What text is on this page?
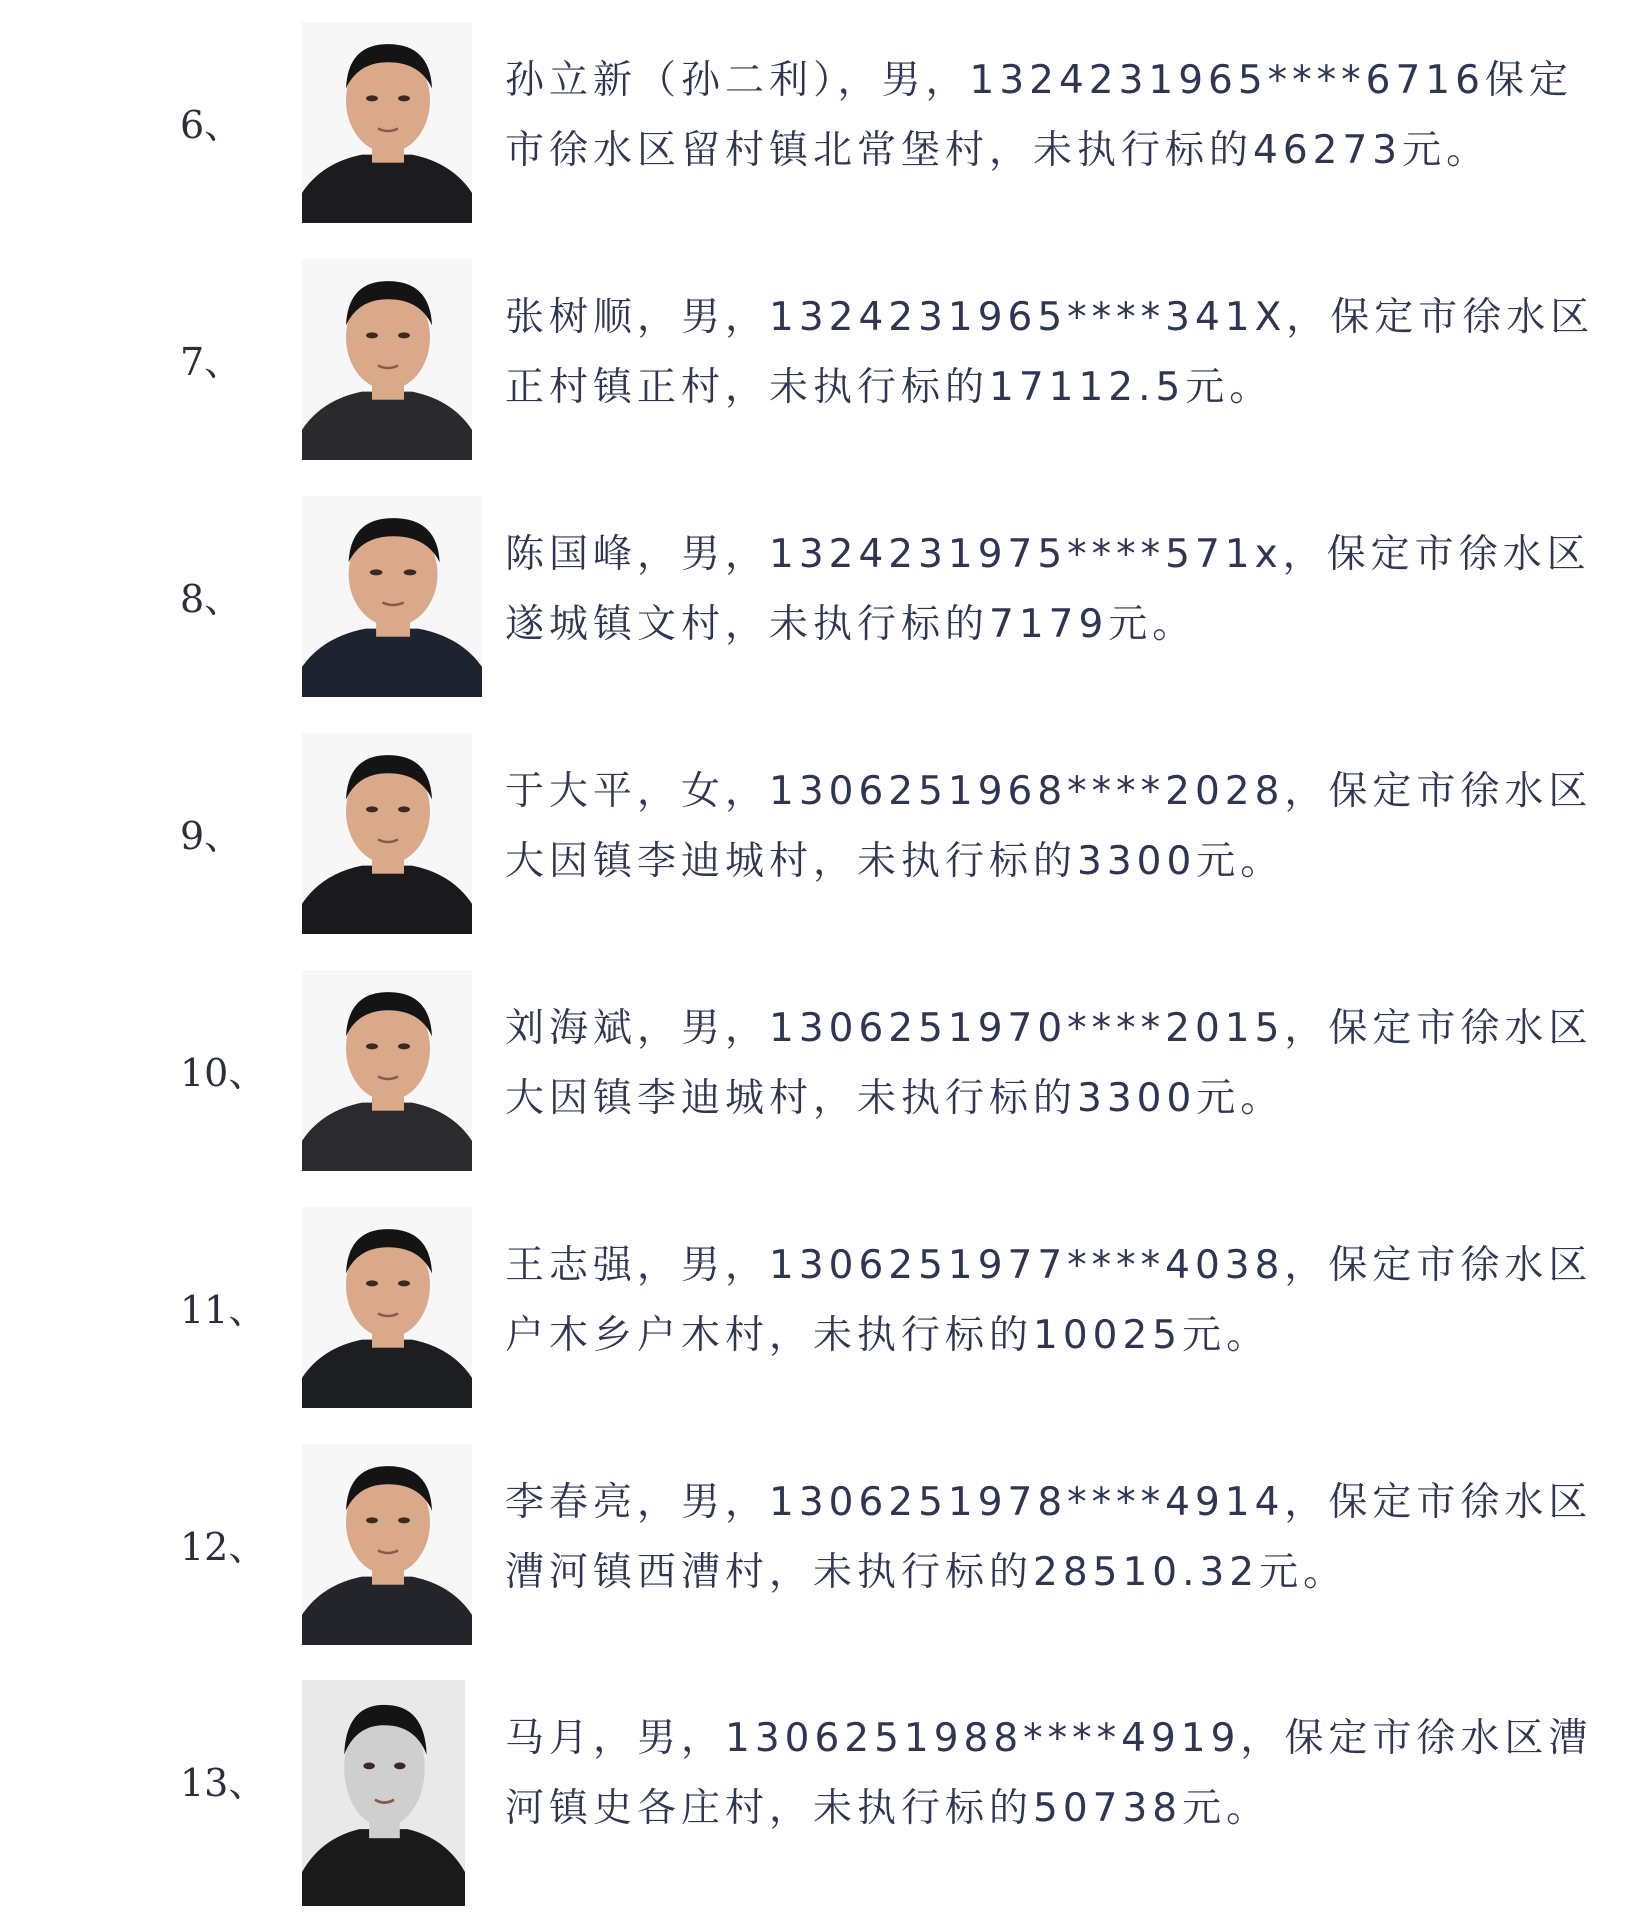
6、
孙立新（孙二利），男，1324231965****6716保定
市徐水区留村镇北常堡村，未执行标的46273元。
7、
张树顺，男，1324231965****341X，保定市徐水区
正村镇正村，未执行标的17112.5元。
8、
陈国峰，男，1324231975****571x，保定市徐水区
遂城镇文村，未执行标的7179元。
9、
于大平，女，1306251968****2028，保定市徐水区
大因镇李迪城村，未执行标的3300元。
10、
刘海斌，男，1306251970****2015，保定市徐水区
大因镇李迪城村，未执行标的3300元。
11、
王志强，男，1306251977****4038，保定市徐水区
户木乡户木村，未执行标的10025元。
12、
李春亮，男，1306251978****4914，保定市徐水区
漕河镇西漕村，未执行标的28510.32元。
13、
马月，男，1306251988****4919，保定市徐水区漕
河镇史各庄村，未执行标的50738元。
